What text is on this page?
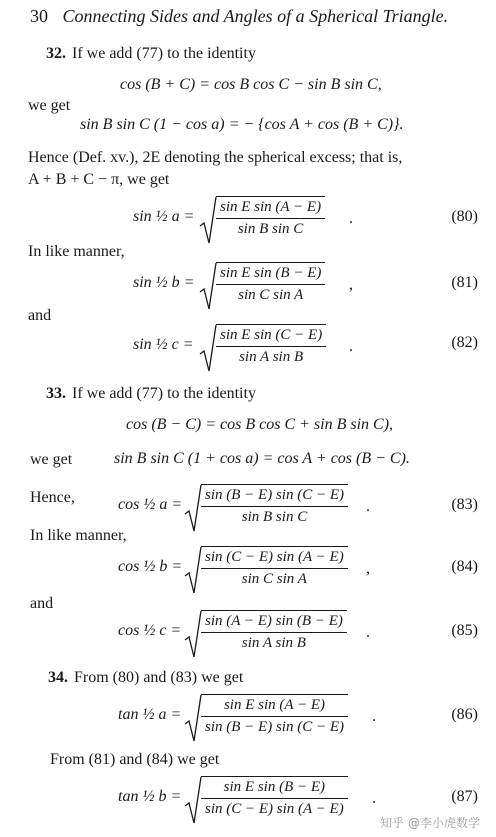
30 Connecting Sides and Angles of a Spherical Triangle.
32. If we add (77) to the identity
cos (B + C) = cos B cos C − sin B sin C,
we get
sin B sin C (1 − cos a) = − {cos A + cos (B + C)}.
Hence (Def. xv.), 2E denoting the spherical excess; that is,
A + B + C − π, we get
sin ½ $a = \frac{\text{sin E sin (A − E)}}{\text{sin B sin C}}$ .	(80)
In like manner,
sin ½ $b = \frac{\text{sin E sin (B − E)}}{\text{sin C sin A}}$ ,	(81)
and
sin ½ $c = \frac{\text{sin E sin (C − E)}}{\text{sin A sin B}}$ .	(82)
33. If we add (77) to the identity
cos (B − C) = cos B cos C + sin B sin C),
we get	sin B sin C (1 + cos a) = cos A + cos (B − C).
Hence,	cos ½ $a = \frac{\sin (B - E) \sin (C - E)}{\text{sin B sin C}}$ .	(83)
In like manner,
cos ½ $b = \frac{\sin (C - E) \sin (A - E)}{\text{sin C sin A}}$ ,	(84)
and
cos ½ $c = \frac{\sin (A - E) \sin (B - E)}{\text{sin A sin B}}$ .	(85)
34. From (80) and (83) we get
tan ½ $a = \frac{\text{sin E sin (A − E)}}{\sin (B - E) \sin (C - E)}$ .	(86)
From (81) and (84) we get
tan ½ $b = \frac{\text{sin E sin (B − E)}}{\sin (C - E) \sin (A - E)}$ .	(87)
知乎 @李小虎数学
